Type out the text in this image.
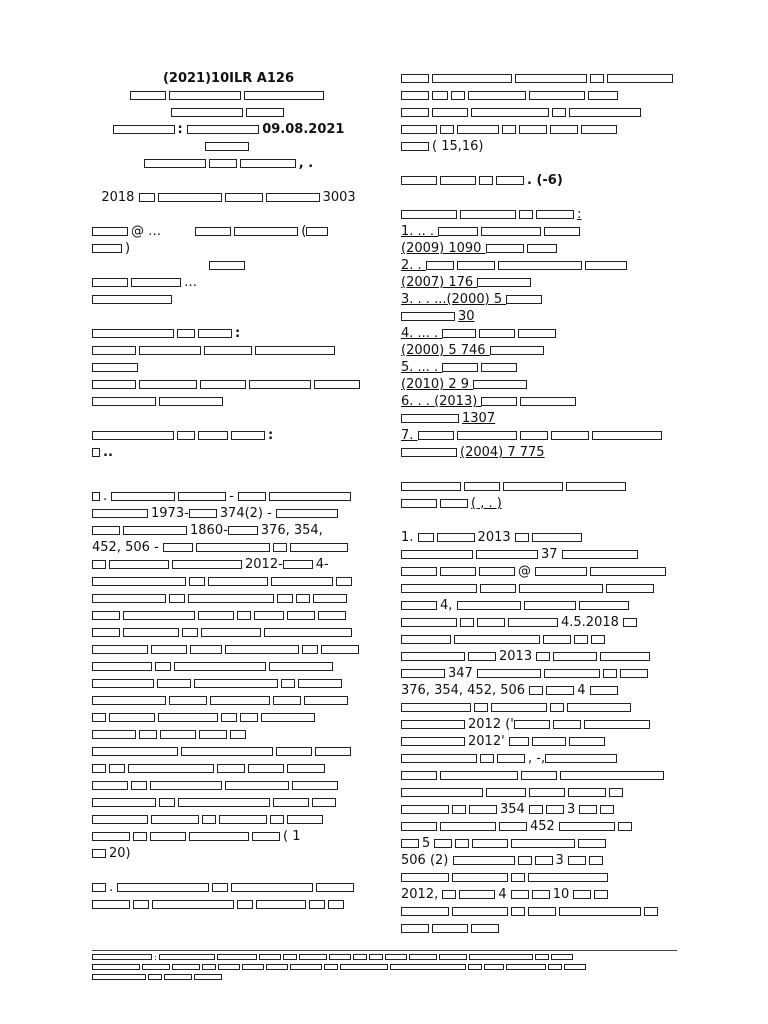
(2021)10ILR A126
:	09.08.2021
, .
2018	3003
@ …	(
)
…
:
:
..
.	-
1973- 374(2) -
1860-	376, 354,
452, 506 -
2012-	4-
( 1
20)
.
( 15,16)
. (-6)
:
1. .. .
(2009) 1090
2. .
(2007) 176
3. . . ...(2000) 5
30
4. ... .
(2000) 5 746
5. ... .
(2010) 2 9
6. . . (2013)
1307
7.
(2004) 7 775
( , . )
1.	2013
37
@
4,
4.5.2018
2013
347
376, 354, 452, 506	4
2012 ('
2012'
, -,
354	3
452
5
506 (2)	3
2012,	4	10
:
